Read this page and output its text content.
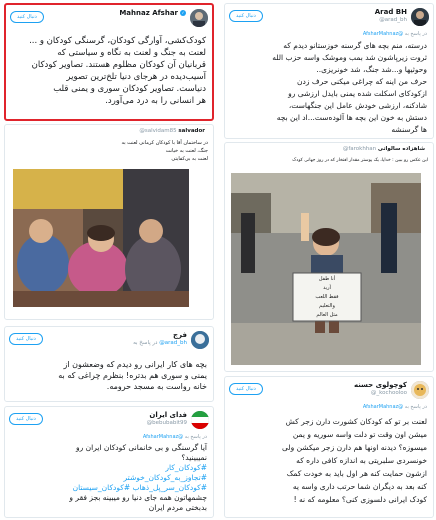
Mahnaz Afshar ✓
دنبال کنید
کودک‌کشی، آوارگی کودکان، گرسنگی کودکان و ...
لعنت به جنگ و لعنت به نگاه و سیاستی که
قربانیان آن کودکان مظلوم هستند. تصاویر کودکان
آسیب‌دیده در هرجای دنیا تلخ‌ترین تصویر
دنیاست. تصاویر کودکان سوری و یمنی قلب
هر انسانی را به درد می‌آورد.
@salvidam85 salvador
در ساختمان آقا با کودکان کرمانی لعنت به
جنگ، لعنت به خیانت
لعنت به بی‌کفایتی
فرج
در پاسخ به @arad_bh
دنبال کنید
بچه های کار ایرانی رو دیدم که وضعشون از
یمنی و سوری هم بدتره! بنظرم چراغی که به
خانه رواست به مسجد حرومه.
فدای ایران
@bebubabit99
دنبال کنید
در پاسخ به @AfsharMahnaz
آیا گرسنگی و بی خانمانی کودکان ایران رو
نمیبینید؟
#کودکان_کار
#تجاوز_به_کودکان_خوشتر
#کودکان_سر_پل_ذهاب #کودکان_سیستان
چشمهاتون همه جای دنیا رو میبینه بجز فقر و
بدبختی مردم ایران
Arad BH
@arad_bh
دنبال کنید
در پاسخ به @AfsharMahnaz
درسته، منم بچه های گرسنه خوزستانو دیدم که
ثروت زیرپاشون شد بمب وموشک واسه حزب الله
وحوثیها و...شد جنگ، شد خونریزی..
حرف من اینه که چراغی میکنی حرف زدن
ازکودکای اسکلت شده یمنی بایدل ارزشی رو
شادکنه، ارزشی خودش عامل این جنگهاست،
دستش به خون این بچه ها آلوده‌ست...اد این بچه
ها گرسنشه
@farokhhan شاهزاده سالواتی
این عکس رو ببین : خداپا، یک پوستر مقدار افتخار که در روز جهانی کودک
أنا طفل
أريد
فقط اللعب
والتعليم
مثل العالم
کوچولوی حسنه
@_kochooloo
دنبال کنید
در پاسخ به @AfsharMahnaz
لعنت بر تو که کودکان کشورت دارن زجر کش
میشن اون وقت تو دلت واسه سوریه و یمن
میسوزه؟ دیدنه اونها هم دارن زجر میکشن ولی
خونسردی سلبریتی به اندازه کافی داره که
ازشون حمایت کنه هر اول باید به خودت کمک
کنه بعد به دیگران شما حرتب داری واسه یه
کودک ایرانی دلسوزی کنی؟ معلومه که نه !
